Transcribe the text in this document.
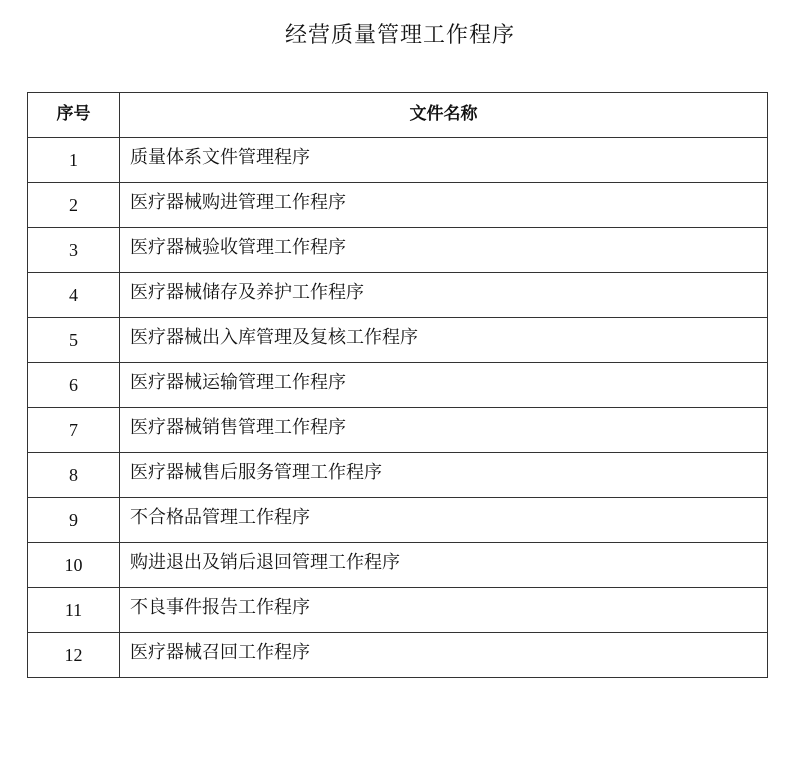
经营质量管理工作程序
序号	文件名称
1	质量体系文件管理程序
2	医疗器械购进管理工作程序
3	医疗器械验收管理工作程序
4	医疗器械储存及养护工作程序
5	医疗器械出入库管理及复核工作程序
6	医疗器械运输管理工作程序
7	医疗器械销售管理工作程序
8	医疗器械售后服务管理工作程序
9	不合格品管理工作程序
10	购进退出及销后退回管理工作程序
11	不良事件报告工作程序
12	医疗器械召回工作程序
